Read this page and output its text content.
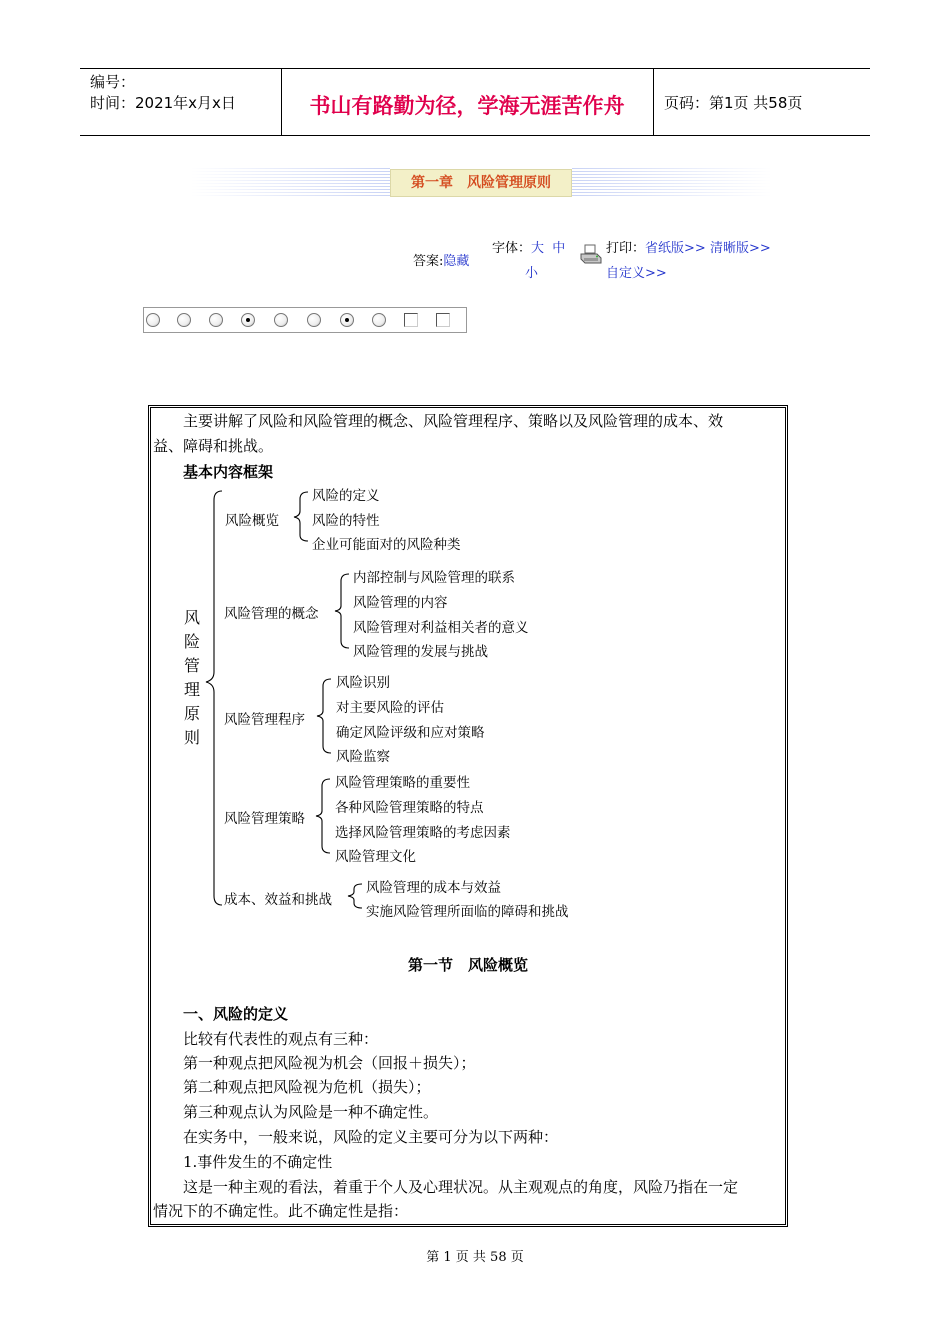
编号：
时间：2021年x月x日	书山有路勤为径，学海无涯苦作舟	页码：第1页 共58页
第一章　风险管理原则
答案:隐藏
字体：大 中
小
打印：省纸版>> 清晰版>>
自定义>>
主要讲解了风险和风险管理的概念、风险管理程序、策略以及风险管理的成本、效
益、障碍和挑战。
基本内容框架
风
险
管
理
原
则
风险概览
风险的定义
风险的特性
企业可能面对的风险种类
风险管理的概念
内部控制与风险管理的联系
风险管理的内容
风险管理对利益相关者的意义
风险管理的发展与挑战
风险管理程序
风险识别
对主要风险的评估
确定风险评级和应对策略
风险监察
风险管理策略
风险管理策略的重要性
各种风险管理策略的特点
选择风险管理策略的考虑因素
风险管理文化
成本、效益和挑战
风险管理的成本与效益
实施风险管理所面临的障碍和挑战
第一节　风险概览
一、风险的定义
比较有代表性的观点有三种：
第一种观点把风险视为机会（回报＋损失）；
第二种观点把风险视为危机（损失）；
第三种观点认为风险是一种不确定性。
在实务中，一般来说，风险的定义主要可分为以下两种：
1.事件发生的不确定性
这是一种主观的看法，着重于个人及心理状况。从主观观点的角度，风险乃指在一定
情况下的不确定性。此不确定性是指：
第 1 页 共 58 页
